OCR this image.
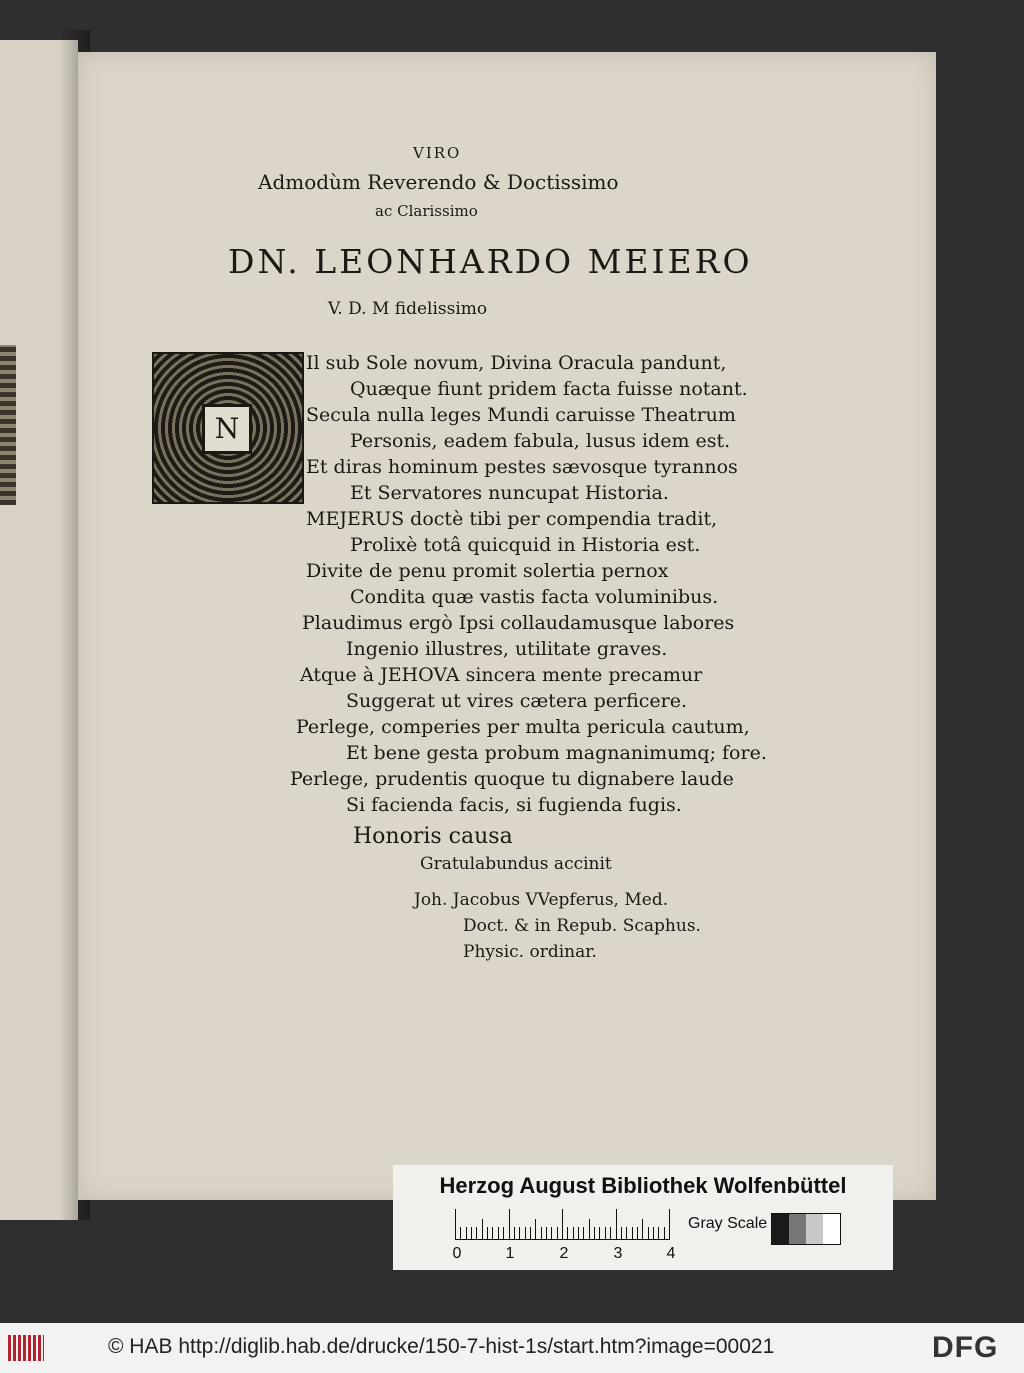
VIRO
Admodùm Reverendo & Doctissimo
ac Clarissimo
DN. LEONHARDO MEIERO
V. D. M fidelissimo
N
Il sub Sole novum, Divina Oracula pandunt,
Quæque fiunt pridem facta fuisse notant.
Secula nulla leges Mundi caruisse Theatrum
Personis, eadem fabula, lusus idem est.
Et diras hominum pestes sævosque tyrannos
Et Servatores nuncupat Historia.
MEJERUS doctè tibi per compendia tradit,
Prolixè totâ quicquid in Historia est.
Divite de penu promit solertia pernox
Condita quæ vastis facta voluminibus.
Plaudimus ergò Ipsi collaudamusque labores
Ingenio illustres, utilitate graves.
Atque à JEHOVA sincera mente precamur
Suggerat ut vires cætera perficere.
Perlege, comperies per multa pericula cautum,
Et bene gesta probum magnanimumq; fore.
Perlege, prudentis quoque tu dignabere laude
Si facienda facis, si fugienda fugis.
Honoris causa
Gratulabundus accinit
Joh. Jacobus VVepferus, Med.
Doct. & in Repub. Scaphus.
Physic. ordinar.
Herzog August Bibliothek Wolfenbüttel
0	1	2	3	4
Gray Scale
© HAB http://diglib.hab.de/drucke/150-7-hist-1s/start.htm?image=00021	DFG
